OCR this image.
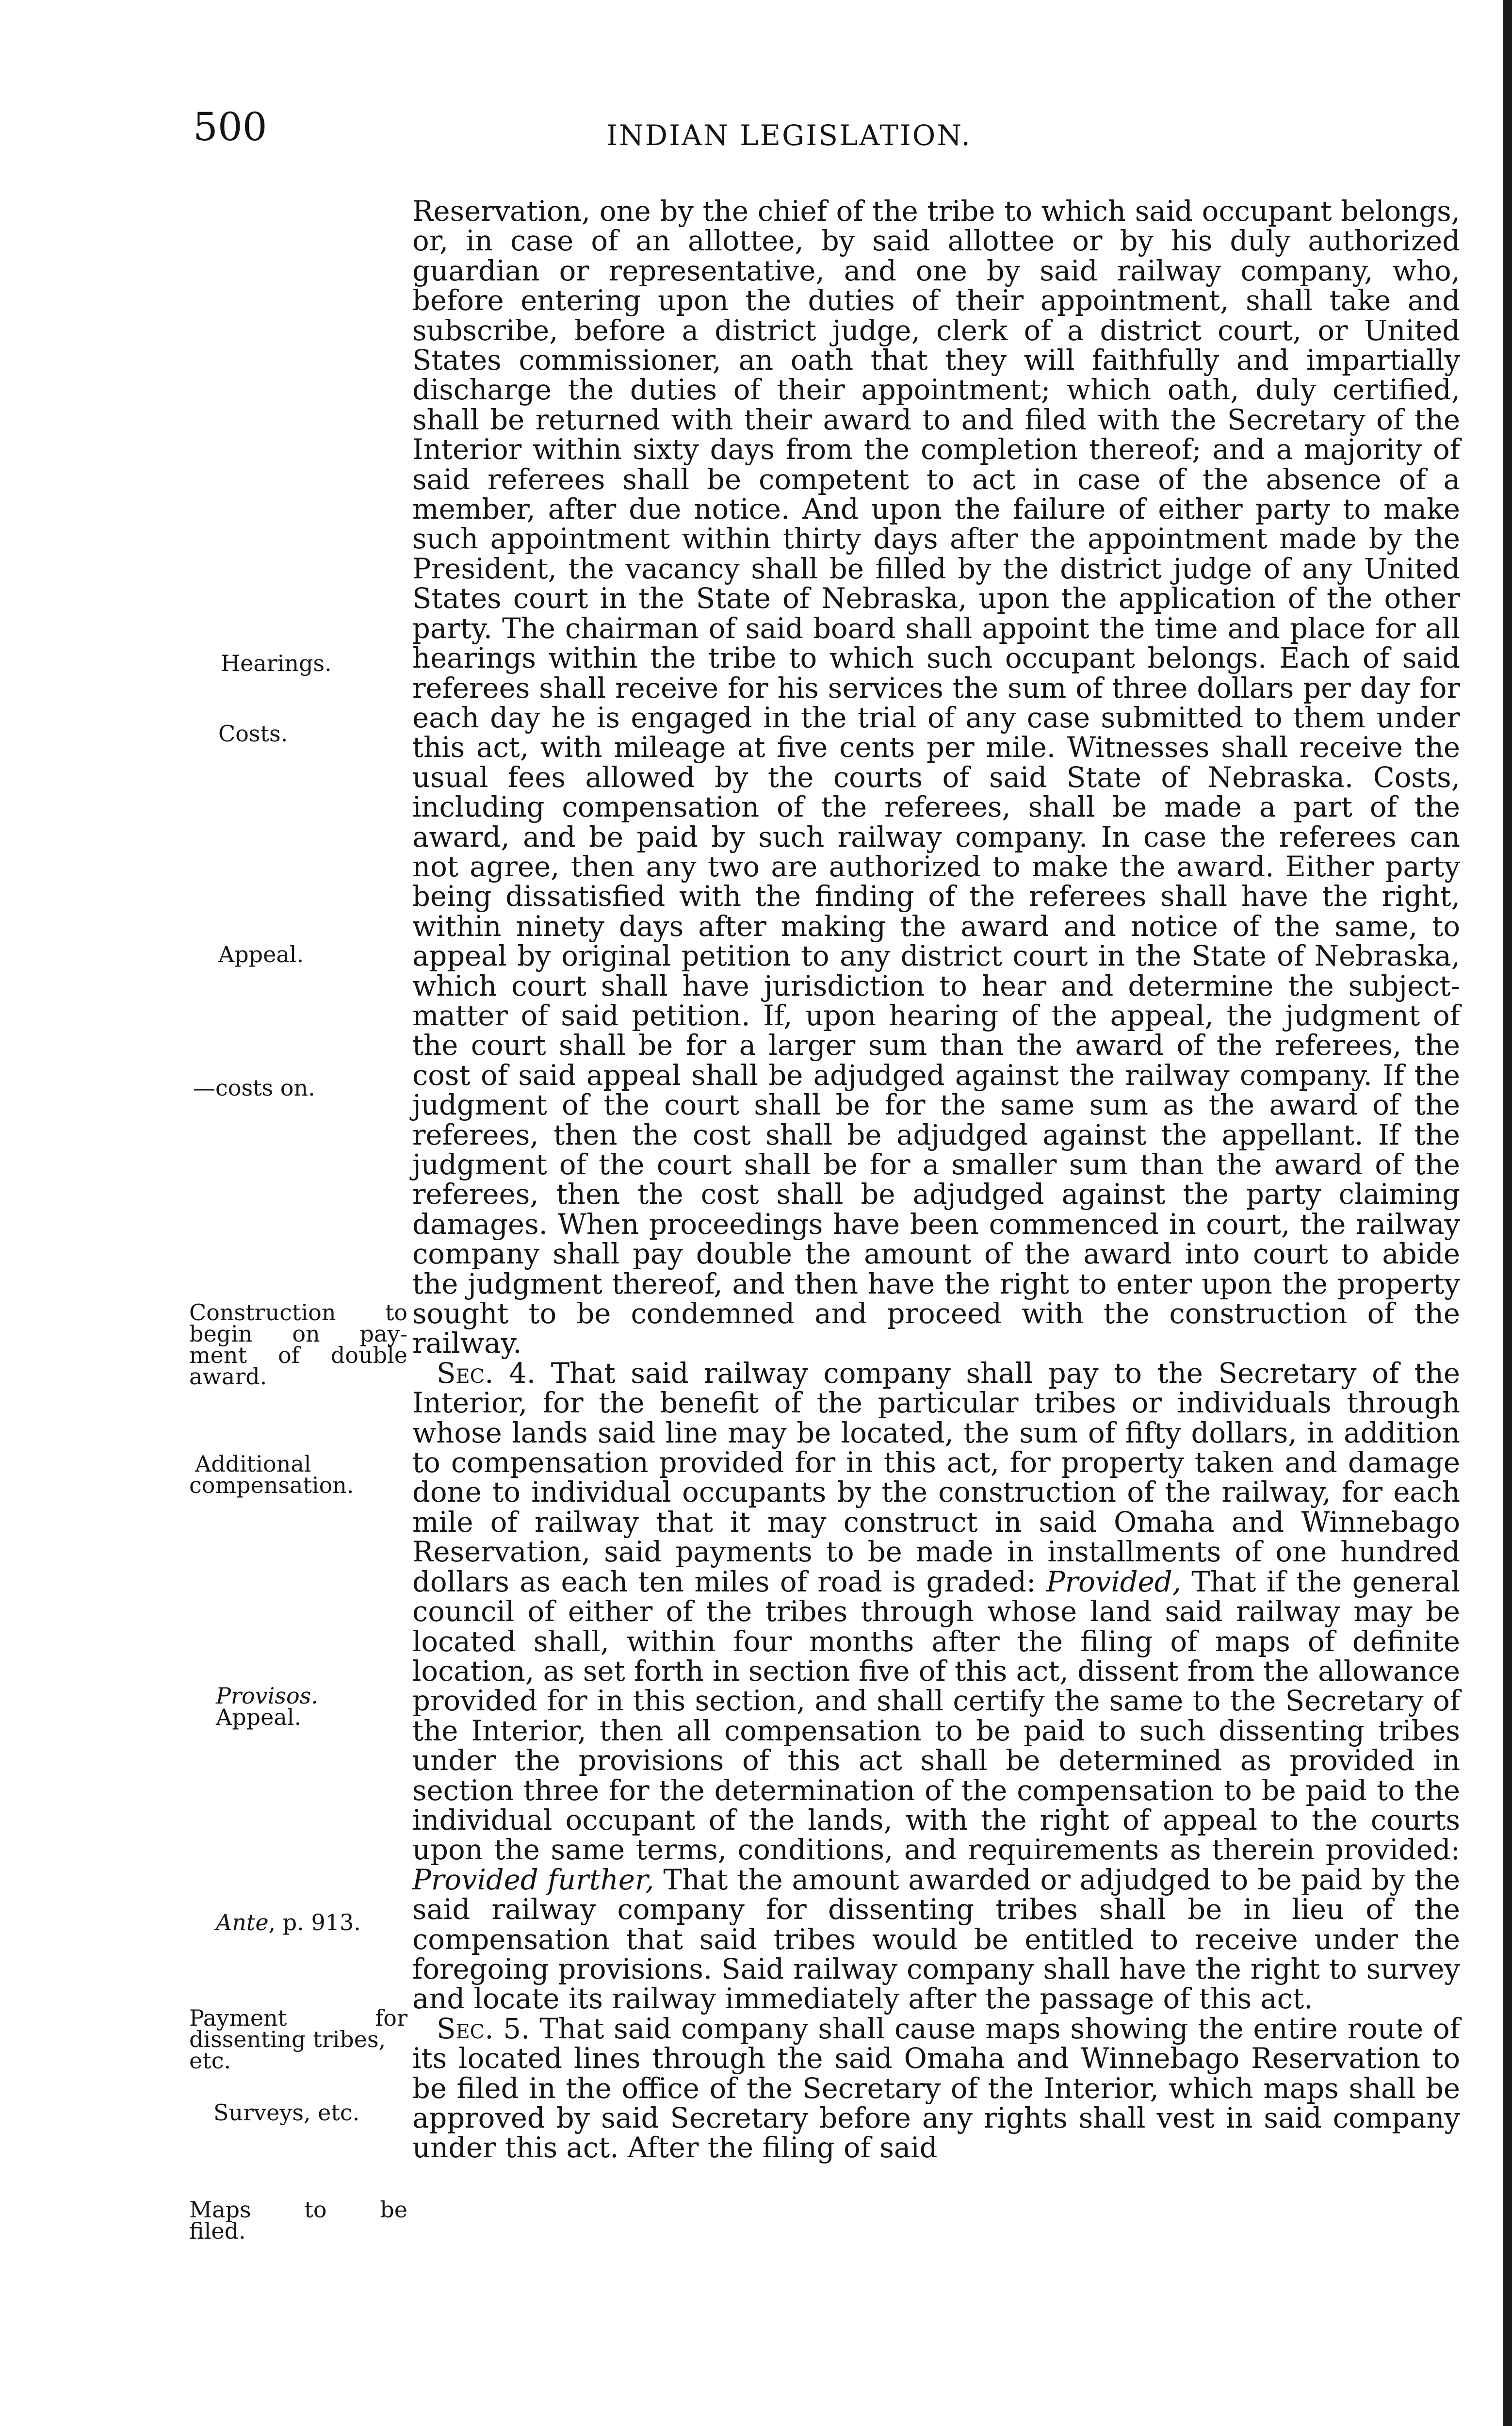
500	INDIAN LEGISLATION.
Hearings.
Costs.
Appeal.
—costs on.
Construction to
begin on pay-
ment of double
award.
Additional
compensation.
Provisos.
Appeal.
Ante, p. 913.
Payment for
dissenting tribes,
etc.
Surveys, etc.
Maps to be
filed.

Reservation, one by the chief of the tribe to which said occupant belongs, or, in case of an allottee, by said allottee or by his duly authorized guardian or representative, and one by said railway company, who, before entering upon the duties of their appointment, shall take and subscribe, before a district judge, clerk of a district court, or United States commissioner, an oath that they will faithfully and impartially discharge the duties of their appointment; which oath, duly certified, shall be returned with their award to and filed with the Secretary of the Interior within sixty days from the completion thereof; and a majority of said referees shall be competent to act in case of the absence of a member, after due notice. And upon the failure of either party to make such appointment within thirty days after the appointment made by the President, the vacancy shall be filled by the district judge of any United States court in the State of Nebraska, upon the application of the other party. The chairman of said board shall appoint the time and place for all hearings within the tribe to which such occupant belongs. Each of said referees shall receive for his services the sum of three dollars per day for each day he is engaged in the trial of any case submitted to them under this act, with mileage at five cents per mile. Witnesses shall receive the usual fees allowed by the courts of said State of Nebraska. Costs, including compensation of the referees, shall be made a part of the award, and be paid by such railway company. In case the referees can not agree, then any two are authorized to make the award. Either party being dissatisfied with the finding of the referees shall have the right, within ninety days after making the award and notice of the same, to appeal by original petition to any district court in the State of Nebraska, which court shall have jurisdiction to hear and determine the subject-matter of said petition. If, upon hearing of the appeal, the judgment of the court shall be for a larger sum than the award of the referees, the cost of said appeal shall be adjudged against the railway company. If the judgment of the court shall be for the same sum as the award of the referees, then the cost shall be adjudged against the appellant. If the judgment of the court shall be for a smaller sum than the award of the referees, then the cost shall be adjudged against the party claiming damages. When proceedings have been commenced in court, the railway company shall pay double the amount of the award into court to abide the judgment thereof, and then have the right to enter upon the property sought to be condemned and proceed with the construction of the railway.

Sec. 4. That said railway company shall pay to the Secretary of the Interior, for the benefit of the particular tribes or individuals through whose lands said line may be located, the sum of fifty dollars, in addition to compensation provided for in this act, for property taken and damage done to individual occupants by the construction of the railway, for each mile of railway that it may construct in said Omaha and Winnebago Reservation, said payments to be made in installments of one hundred dollars as each ten miles of road is graded: Provided, That if the general council of either of the tribes through whose land said railway may be located shall, within four months after the filing of maps of definite location, as set forth in section five of this act, dissent from the allowance provided for in this section, and shall certify the same to the Secretary of the Interior, then all compensation to be paid to such dissenting tribes under the provisions of this act shall be determined as provided in section three for the determination of the compensation to be paid to the individual occupant of the lands, with the right of appeal to the courts upon the same terms, conditions, and requirements as therein provided: Provided further, That the amount awarded or adjudged to be paid by the said railway company for dissenting tribes shall be in lieu of the compensation that said tribes would be entitled to receive under the foregoing provisions. Said railway company shall have the right to survey and locate its railway immediately after the passage of this act.

Sec. 5. That said company shall cause maps showing the entire route of its located lines through the said Omaha and Winnebago Reservation to be filed in the office of the Secretary of the Interior, which maps shall be approved by said Secretary before any rights shall vest in said company under this act. After the filing of said
